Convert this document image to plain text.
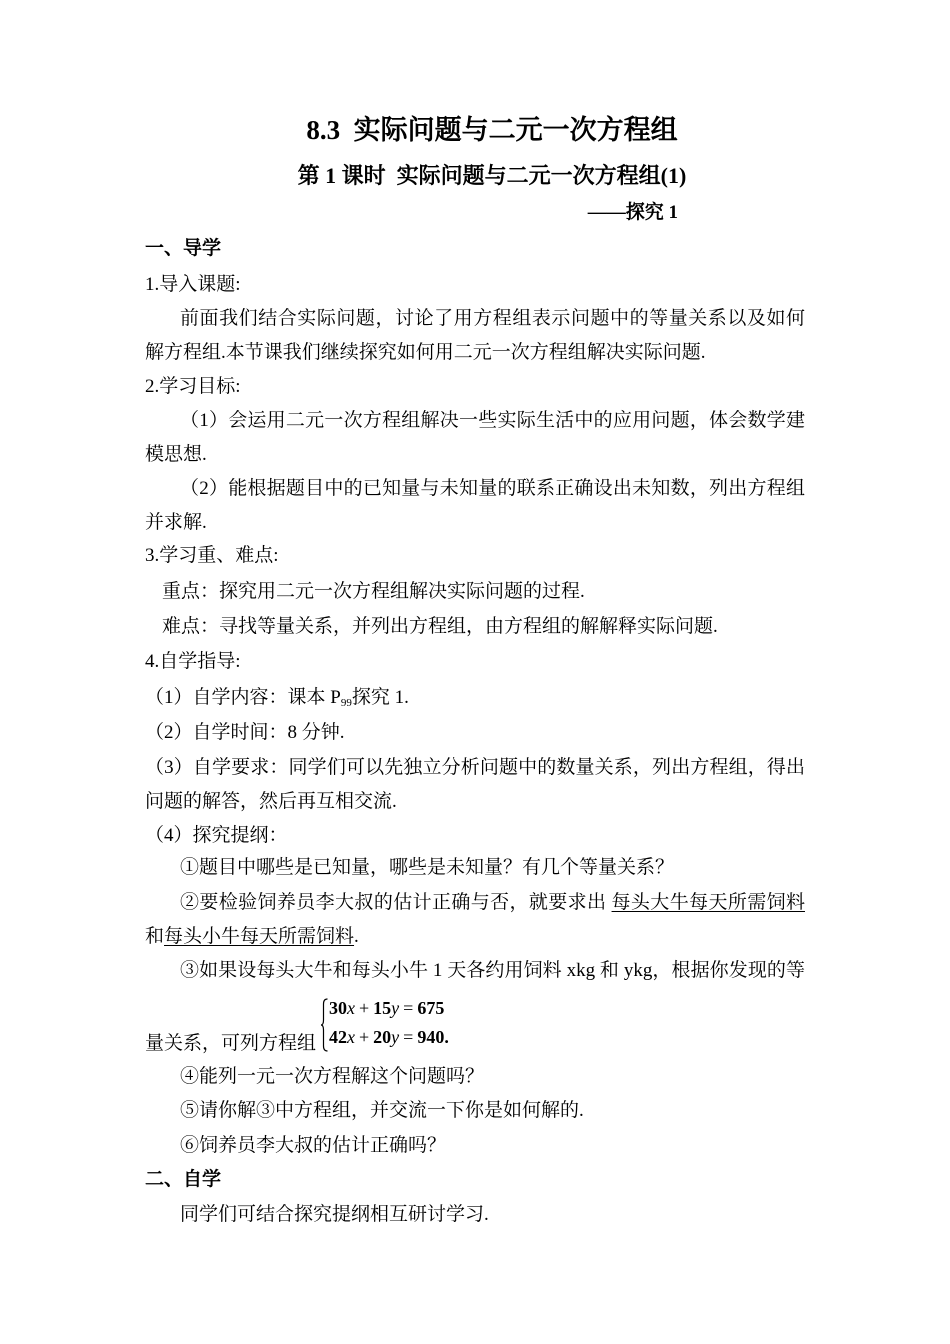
8.3  实际问题与二元一次方程组
第 1 课时  实际问题与二元一次方程组(1)
——探究 1
一、导学
1.导入课题:
前面我们结合实际问题，讨论了用方程组表示问题中的等量关系以及如何
解方程组.本节课我们继续探究如何用二元一次方程组解决实际问题.
2.学习目标:
（1）会运用二元一次方程组解决一些实际生活中的应用问题，体会数学建
模思想.
（2）能根据题目中的已知量与未知量的联系正确设出未知数，列出方程组
并求解.
3.学习重、难点:
重点：探究用二元一次方程组解决实际问题的过程.
难点：寻找等量关系，并列出方程组，由方程组的解解释实际问题.
4.自学指导:
（1）自学内容：课本 $P_{99}$探究 1.
（2）自学时间：8 分钟.
（3）自学要求：同学们可以先独立分析问题中的数量关系，列出方程组，得出
问题的解答，然后再互相交流.
（4）探究提纲：
①题目中哪些是已知量，哪些是未知量？有几个等量关系？
②要检验饲养员李大叔的估计正确与否，就要求出 每头大牛每天所需饲料
和每头小牛每天所需饲料.
③如果设每头大牛和每头小牛 1 天各约用饲料 xkg 和 ykg，根据你发现的等
30x + 15y = 675
42x + 20y = 940.
量关系，可列方程组
④能列一元一次方程解这个问题吗？
⑤请你解③中方程组，并交流一下你是如何解的.
⑥饲养员李大叔的估计正确吗？
二、自学
同学们可结合探究提纲相互研讨学习.
